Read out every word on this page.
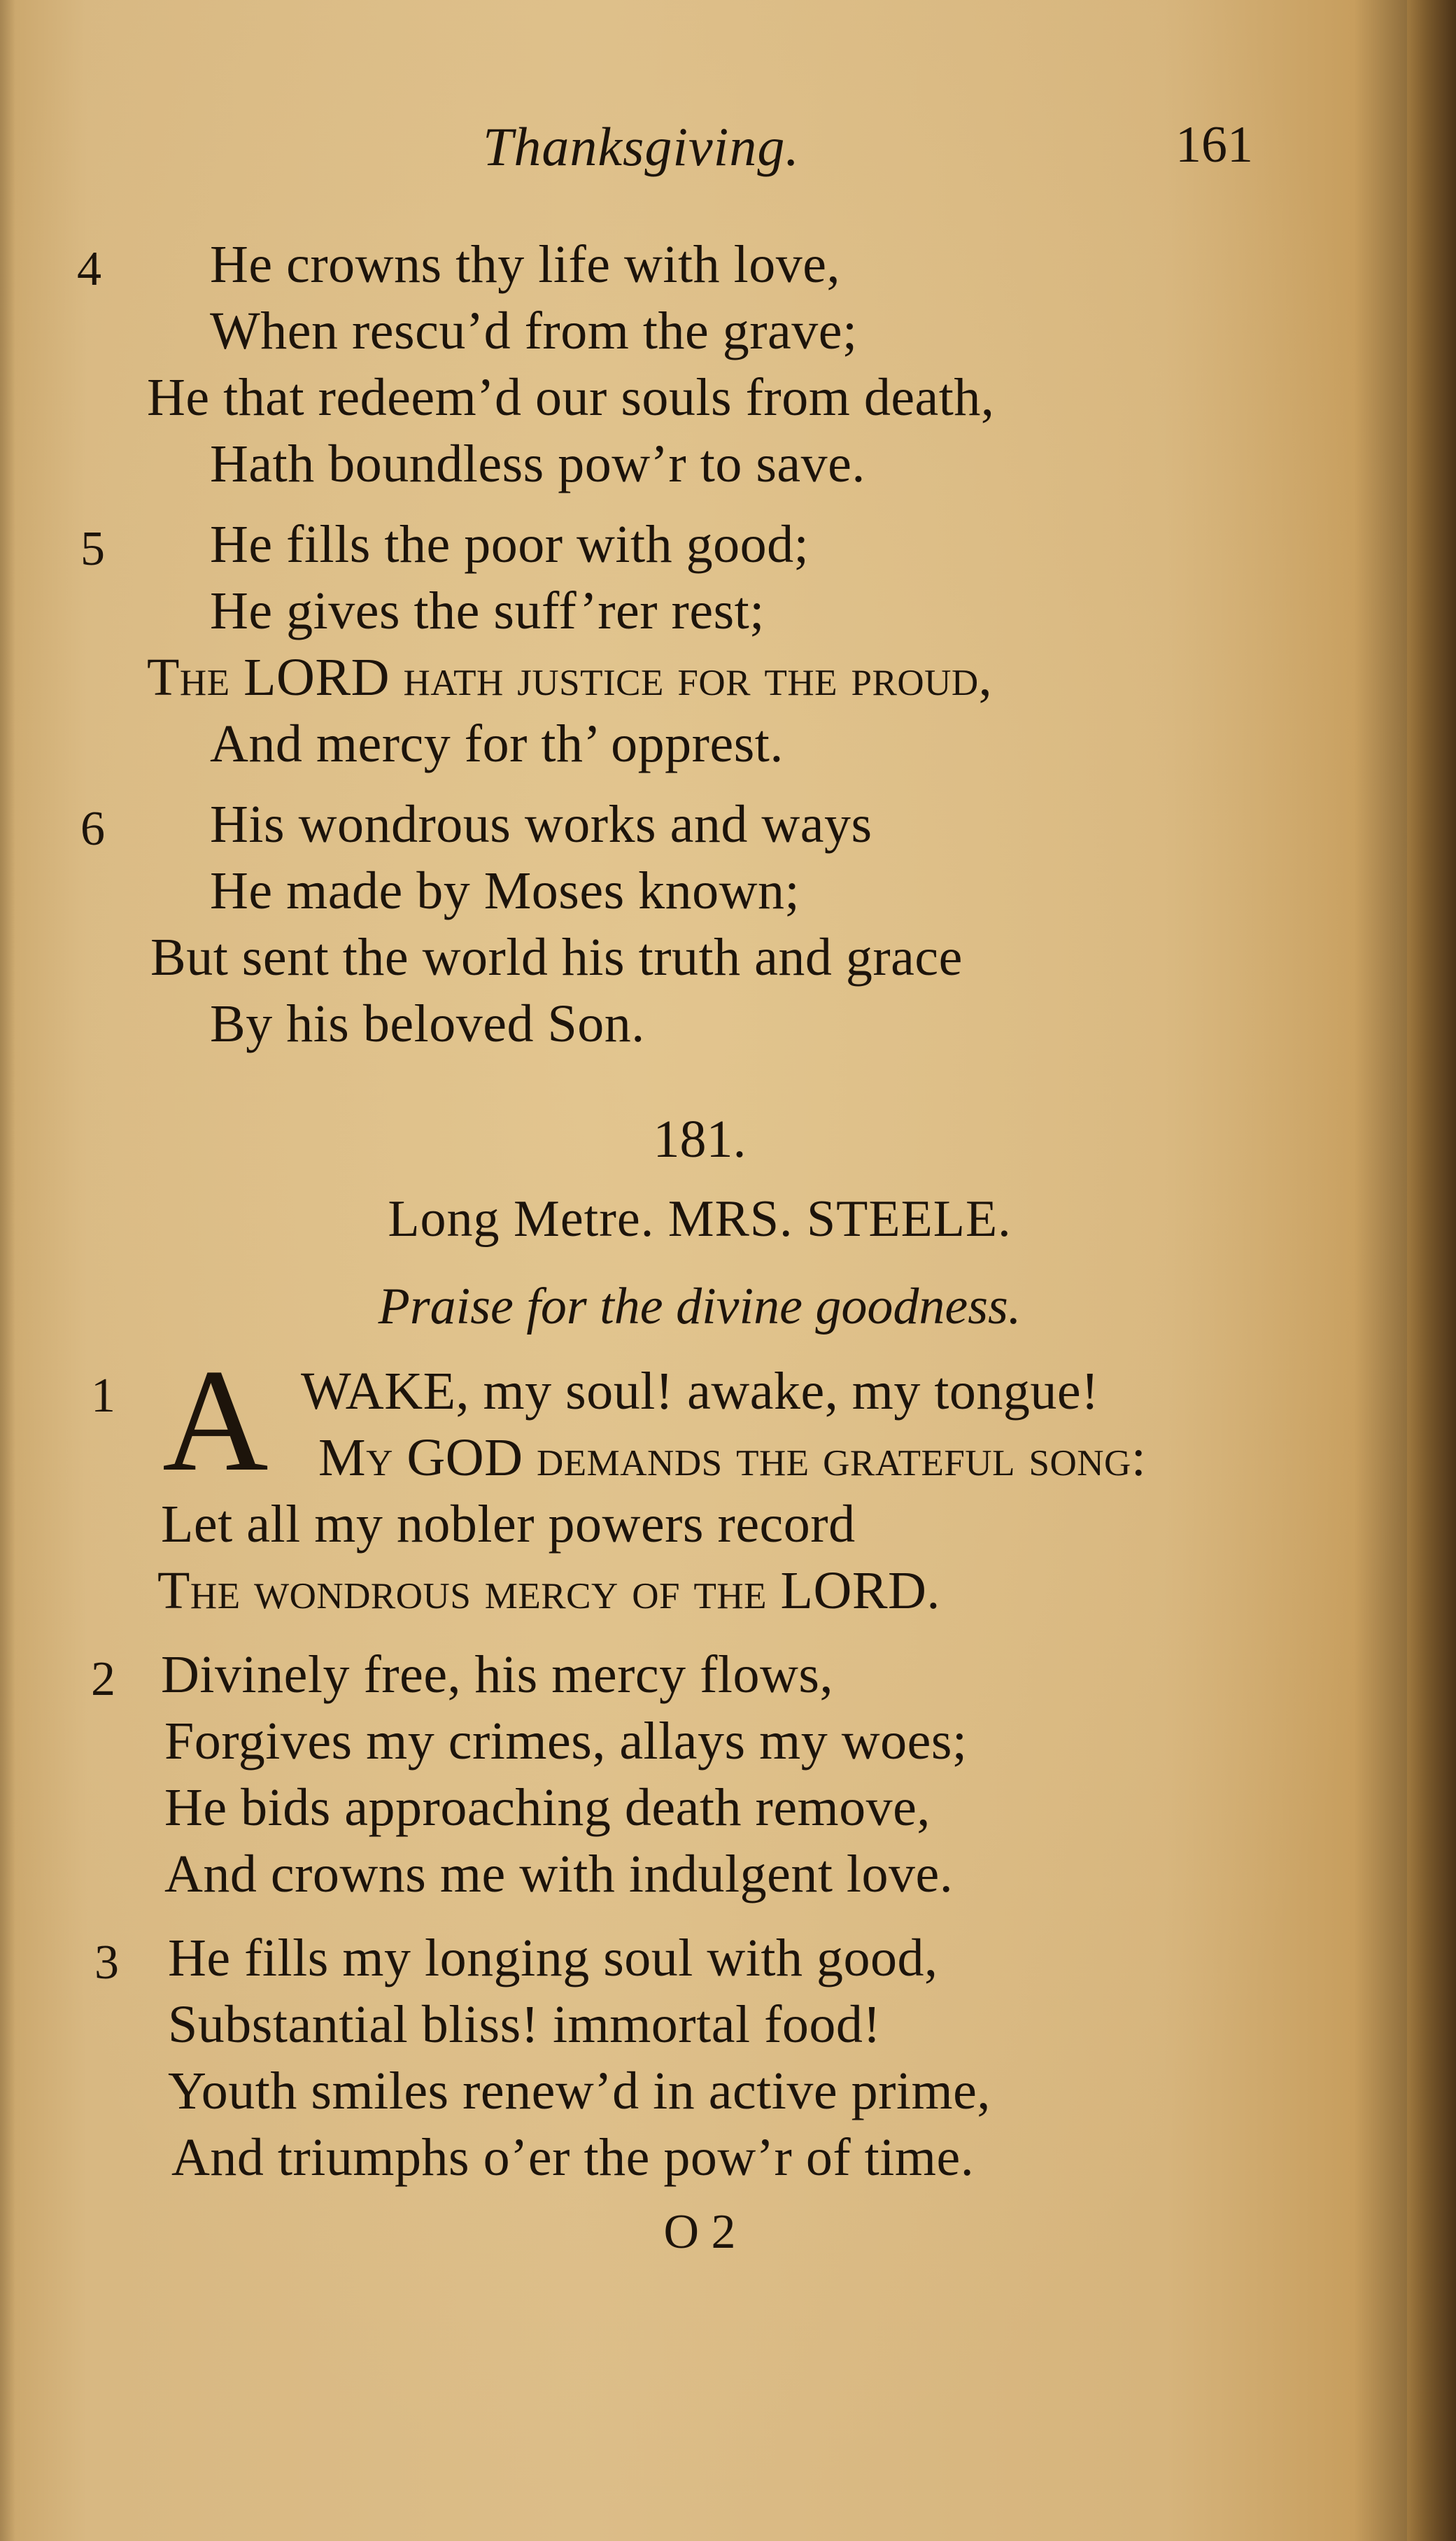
Thanksgiving.	161
4 He crowns thy life with love,
When rescu’d from the grave;
He that redeem’d our souls from death,
Hath boundless pow’r to save.
5 He fills the poor with good;
He gives the suff’rer rest;
The LORD hath justice for the proud,
And mercy for th’ opprest.
6 His wondrous works and ways
He made by Moses known;
But sent the world his truth and grace
By his beloved Son.
181.
Long Metre. MRS. STEELE.
Praise for the divine goodness.
1 A WAKE, my soul! awake, my tongue!
My GOD demands the grateful song:
Let all my nobler powers record
The wondrous mercy of the LORD.
2 Divinely free, his mercy flows,
Forgives my crimes, allays my woes;
He bids approaching death remove,
And crowns me with indulgent love.
3 He fills my longing soul with good,
Substantial bliss! immortal food!
Youth smiles renew’d in active prime,
And triumphs o’er the pow’r of time.
O 2
